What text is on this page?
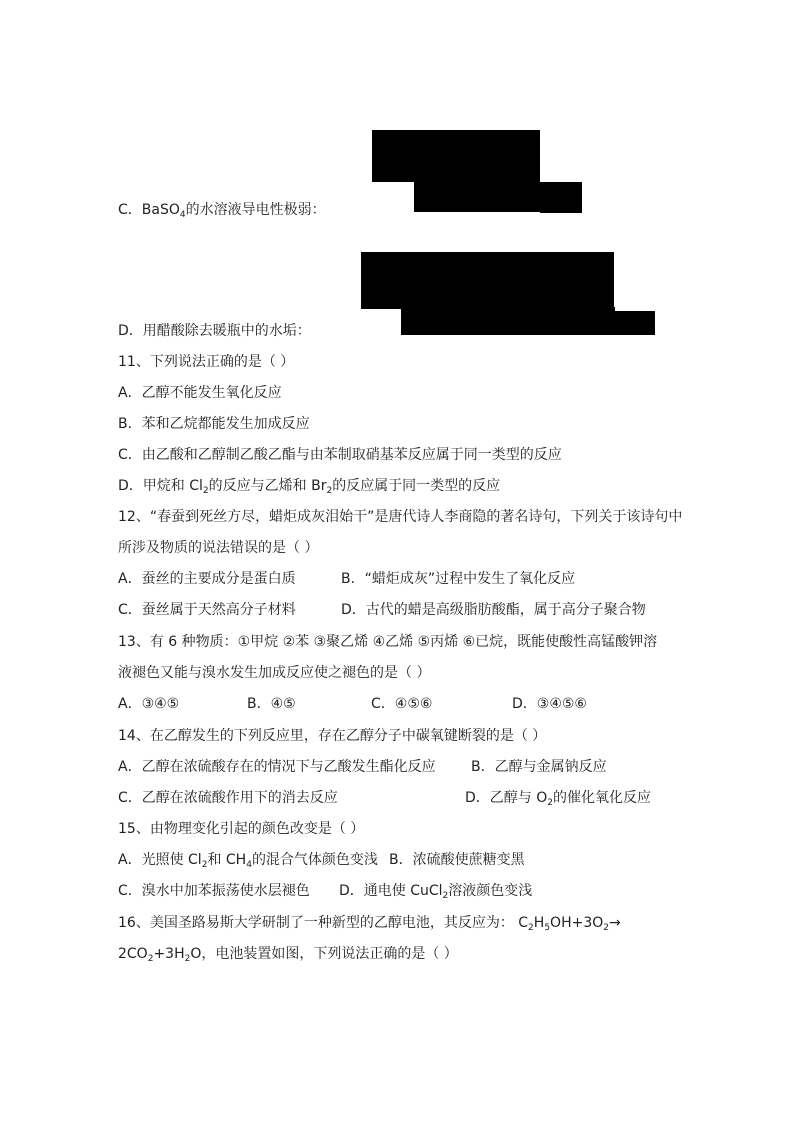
C．BaSO$_4$的水溶液导电性极弱：
D．用醋酸除去暖瓶中的水垢：
11、下列说法正确的是（ ）
A．乙醇不能发生氧化反应
B．苯和乙烷都能发生加成反应
C．由乙酸和乙醇制乙酸乙酯与由苯制取硝基苯反应属于同一类型的反应
D．甲烷和 $Cl_2$的反应与乙烯和 $Br_2$的反应属于同一类型的反应
12、“春蚕到死丝方尽，蜡炬成灰泪始干”是唐代诗人李商隐的著名诗句，下列关于该诗句中
所涉及物质的说法错误的是（ ）
A．蚕丝的主要成分是蛋白质	B．“蜡炬成灰”过程中发生了氧化反应
C．蚕丝属于天然高分子材料	D．古代的蜡是高级脂肪酸酯，属于高分子聚合物
13、有 6 种物质：①甲烷 ②苯 ③聚乙烯 ④乙烯 ⑤丙烯 ⑥已烷，既能使酸性高锰酸钾溶
液褪色又能与溴水发生加成反应使之褪色的是（ ）
A．③④⑤	B．④⑤	C．④⑤⑥	D．③④⑤⑥
14、在乙醇发生的下列反应里，存在乙醇分子中碳氧键断裂的是（ ）
A．乙醇在浓硫酸存在的情况下与乙酸发生酯化反应	B．乙醇与金属钠反应
C．乙醇在浓硫酸作用下的消去反应	D．乙醇与 $O_2$的催化氧化反应
15、由物理变化引起的颜色改变是（ ）
A．光照使 $Cl_2$和 $CH_4$的混合气体颜色变浅 B．浓硫酸使蔗糖变黑
C．溴水中加苯振荡使水层褪色 D．通电使 CuCl$_2$溶液颜色变浅
16、美国圣路易斯大学研制了一种新型的乙醇电池，其反应为： $C_2H_5OH+3O_2\to$
$2CO_2+3H_2O$，电池装置如图，下列说法正确的是（ ）
